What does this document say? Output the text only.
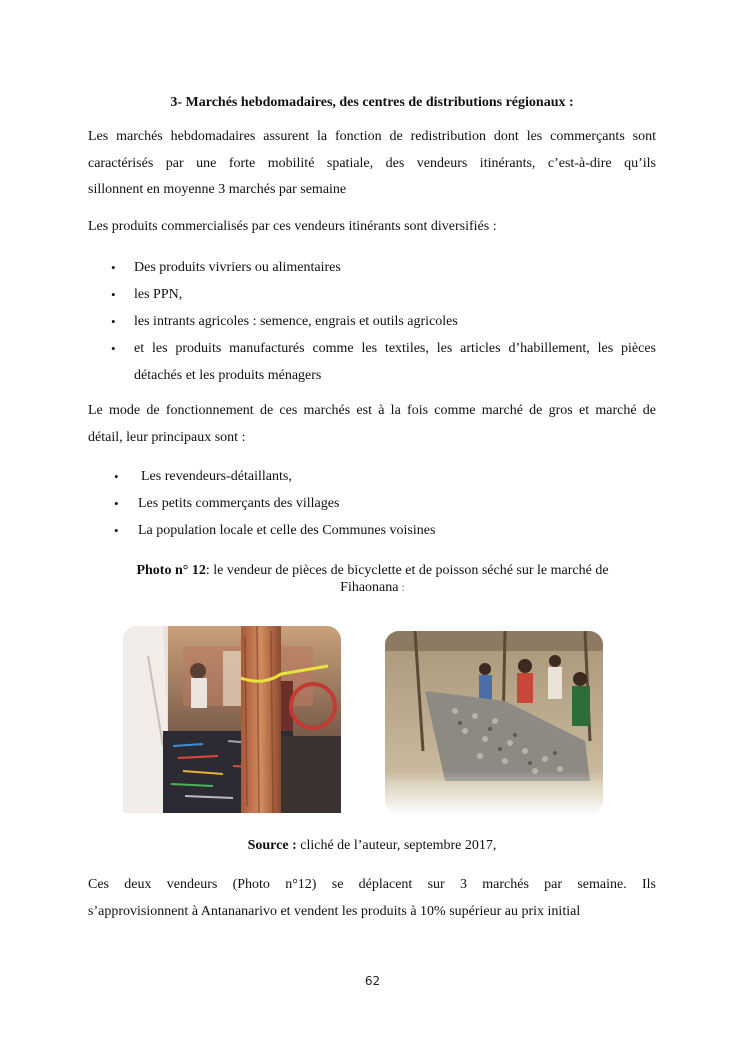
3- Marchés hebdomadaires, des centres de distributions régionaux :

Les marchés hebdomadaires assurent la fonction de redistribution dont les commerçants sont
caractérisés par une forte mobilité spatiale, des vendeurs itinérants, c’est-à-dire qu’ils
sillonnent en moyenne 3 marchés par semaine

Les produits commercialisés par ces vendeurs itinérants sont diversifiés :

• Des produits vivriers ou alimentaires
• les PPN,
• les intrants agricoles : semence, engrais et outils agricoles
• et les produits manufacturés comme les textiles, les articles d’habillement, les pièces
détachés et les produits ménagers

Le mode de fonctionnement de ces marchés est à la fois comme marché de gros et marché de
détail, leur principaux sont :

• Les revendeurs-détaillants,
• Les petits commerçants des villages
• La population locale et celle des Communes voisines
Photo n° 12: le vendeur de pièces de bicyclette et de poisson séché sur le marché de
Fihaonana :
Source : cliché de l’auteur, septembre 2017,

Ces deux vendeurs (Photo n°12) se déplacent sur 3 marchés par semaine. Ils
s’approvisionnent à Antananarivo et vendent les produits à 10% supérieur au prix initial

62
